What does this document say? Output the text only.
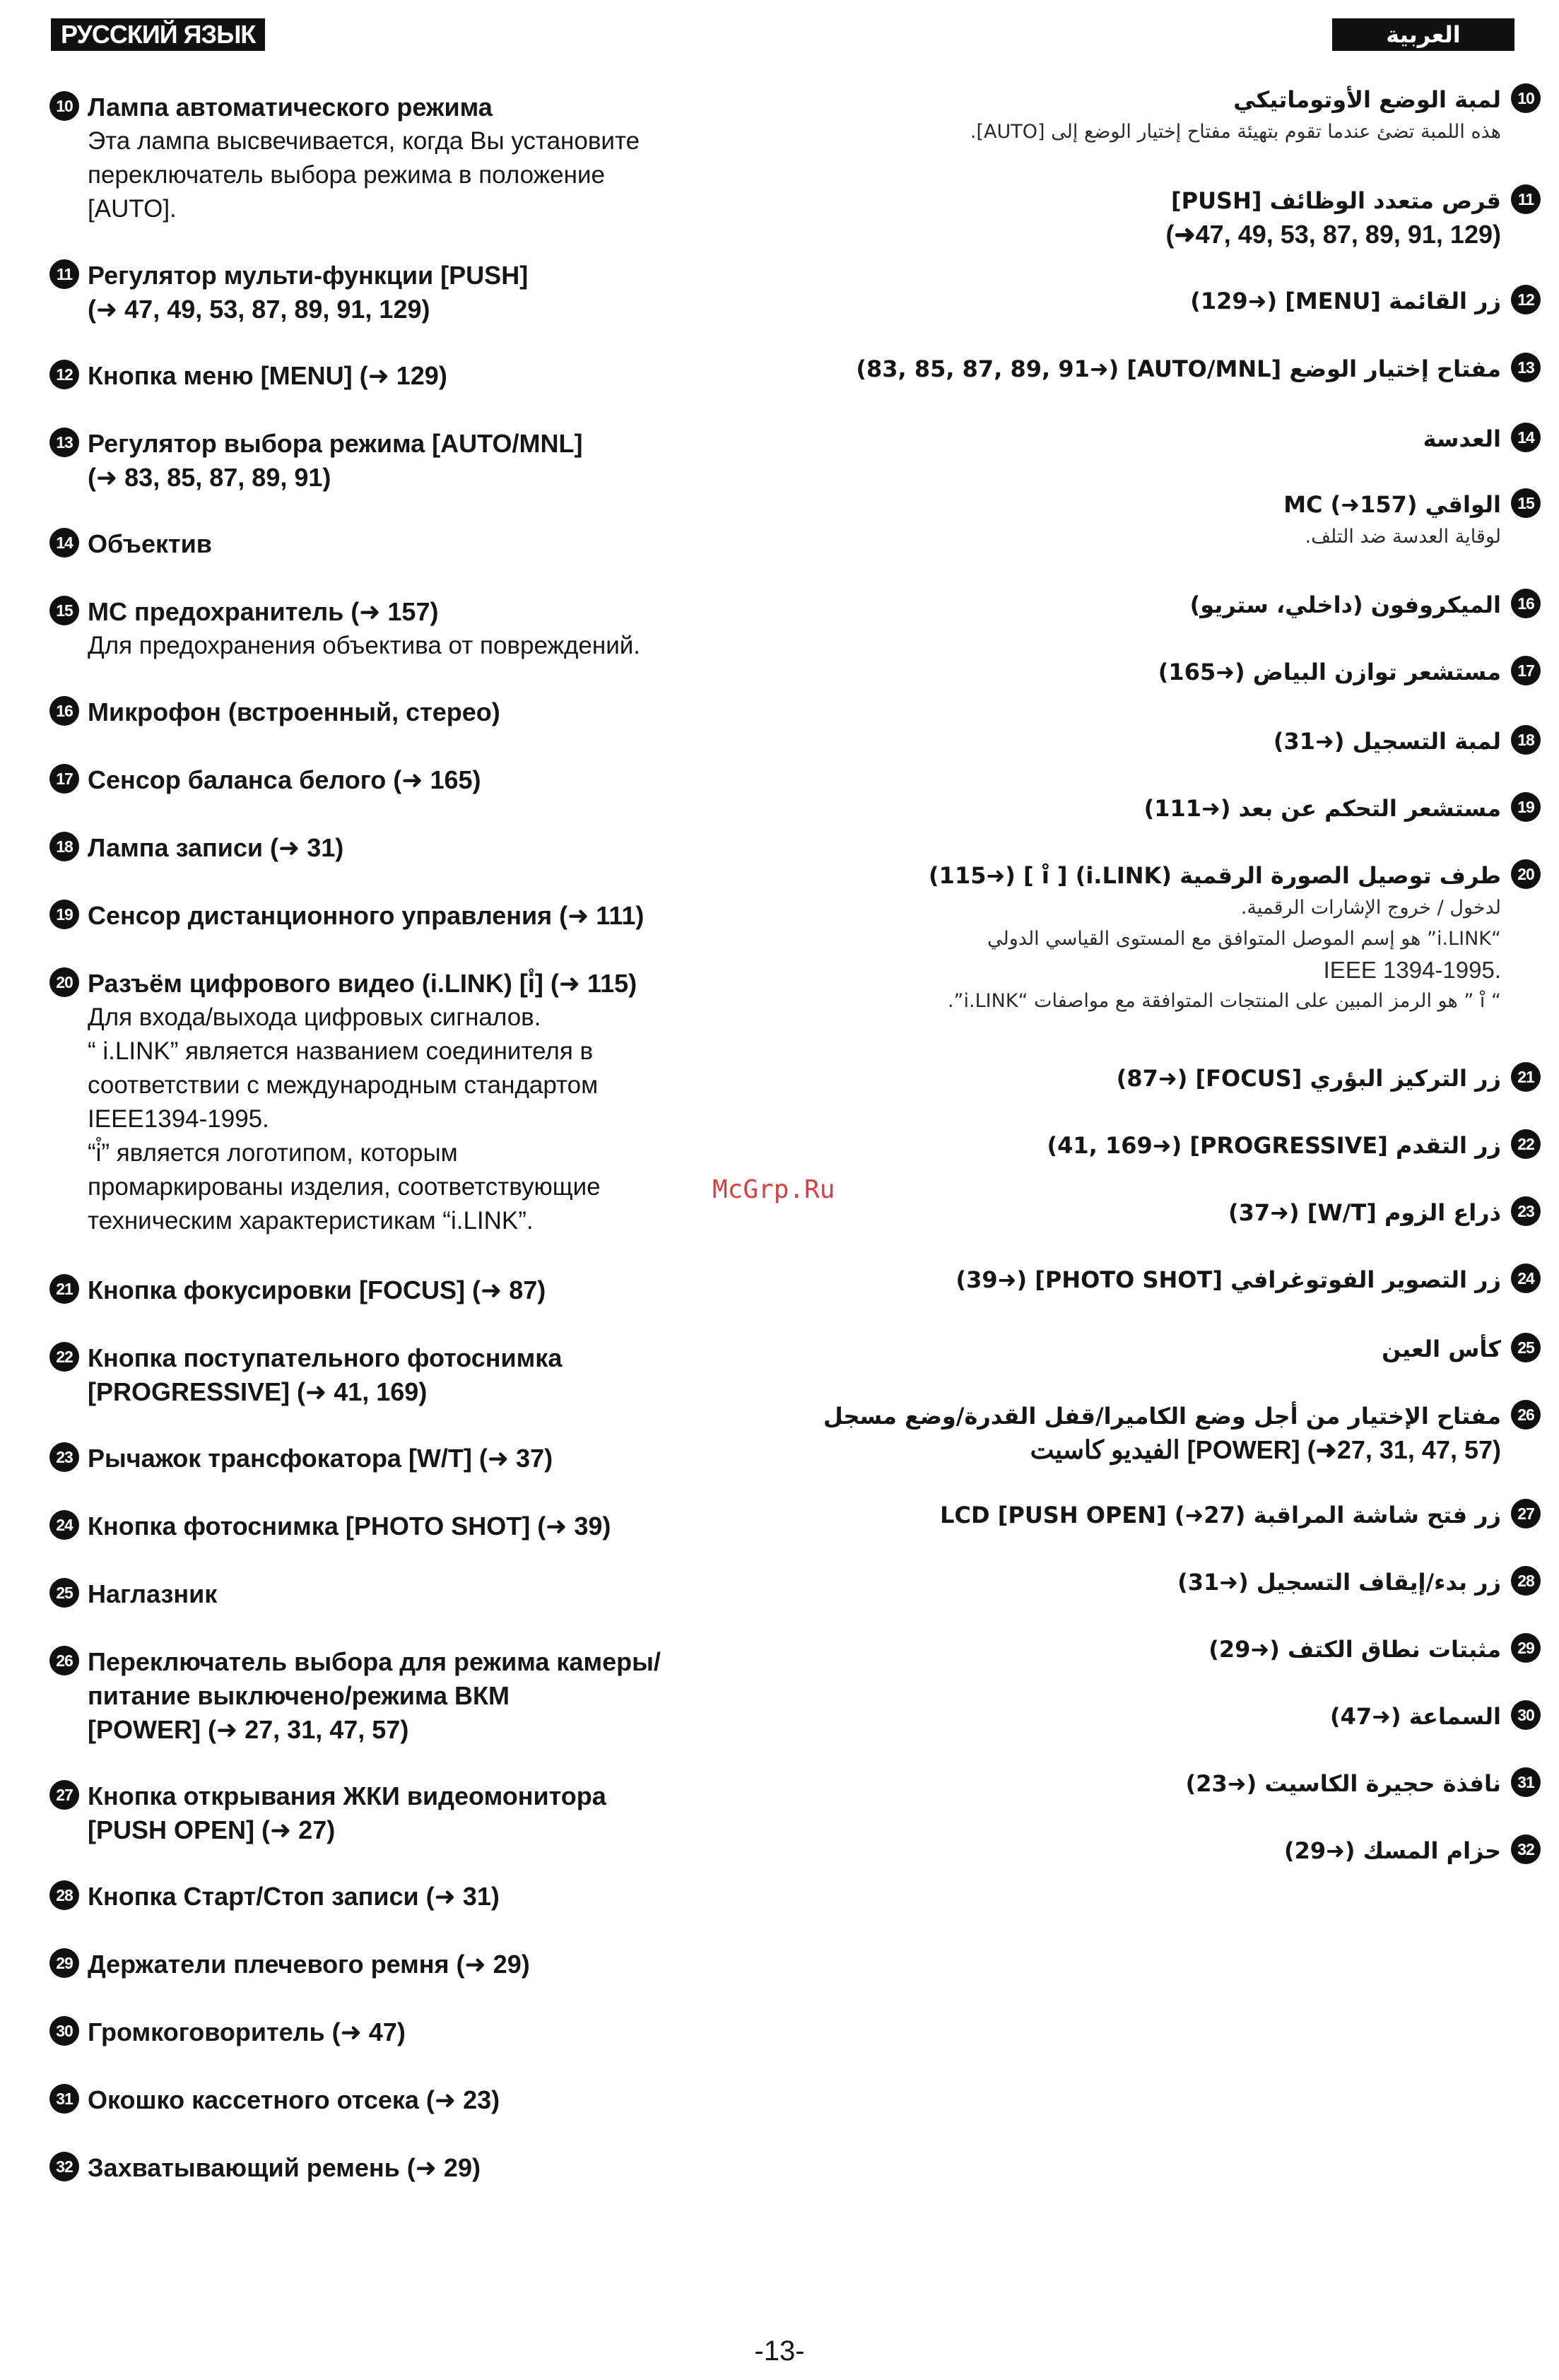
РУССКИЙ ЯЗЫК	العربية
10 Лампа автоматического режима
Эта лампа высвечивается, когда Вы установите
переключатель выбора режима в положение
[AUTO].
11 Регулятор мульти-функции [PUSH]
(➜ 47, 49, 53, 87, 89, 91, 129)
12 Кнопка меню [MENU] (➜ 129)
13 Регулятор выбора режима [AUTO/MNL]
(➜ 83, 85, 87, 89, 91)
14 Объектив
15 МС предохранитель (➜ 157)
Для предохранения объектива от повреждений.
16 Микрофон (встроенный, стерео)
17 Сенсор баланса белого (➜ 165)
18 Лампа записи (➜ 31)
19 Сенсор дистанционного управления (➜ 111)
20 Разъём цифрового видео (i.LINK) [i̊] (➜ 115)
Для входа/выхода цифровых сигналов.
“ i.LINK” является названием соединителя в
соответствии с международным стандартом
IEEE1394-1995.
“i̊” является логотипом, которым
промаркированы изделия, соответствующие
техническим характеристикам “i.LINK”.
21 Кнопка фокусировки [FOCUS] (➜ 87)
22 Кнопка поступательного фотоснимка
[PROGRESSIVE] (➜ 41, 169)
23 Рычажок трансфокатора [W/T] (➜ 37)
24 Кнопка фотоснимка [PHOTO SHOT] (➜ 39)
25 Наглазник
26 Переключатель выбора для режима камеры/
питание выключено/режима ВКМ
[POWER] (➜ 27, 31, 47, 57)
27 Кнопка открывания ЖКИ видеомонитора
[PUSH OPEN] (➜ 27)
28 Кнопка Старт/Стоп записи (➜ 31)
29 Держатели плечевого ремня (➜ 29)
30 Громкоговоритель (➜ 47)
31 Окошко кассетного отсека (➜ 23)
32 Захватывающий ремень (➜ 29)
10
لمبة الوضع الأوتوماتيكي
هذه اللمبة تضئ عندما تقوم بتهيئة مفتاح إختيار الوضع إلى [AUTO].
11
قرص متعدد الوظائف [PUSH]
(➜47, 49, 53, 87, 89, 91, 129)
12
زر القائمة [MENU] (➜129)
13
مفتاح إختيار الوضع [AUTO/MNL] (➜83, 85, 87, 89, 91)
14
العدسة
15
الواقي MC (➜157)
لوقاية العدسة ضد التلف.
16
الميكروفون (داخلي، ستريو)
17
مستشعر توازن البياض (➜165)
18
لمبة التسجيل (➜31)
19
مستشعر التحكم عن بعد (➜111)
20
طرف توصيل الصورة الرقمية (i.LINK) [ i̊ ] (➜115)
لدخول / خروج الإشارات الرقمية.
“i.LINK” هو إسم الموصل المتوافق مع المستوى القياسي الدولي
IEEE 1394-1995.
“ i̊ ” هو الرمز المبين على المنتجات المتوافقة مع مواصفات “i.LINK”.
21
زر التركيز البؤري [FOCUS] (➜87)
22
زر التقدم [PROGRESSIVE] (➜41, 169)
23
ذراع الزوم [W/T] (➜37)
24
زر التصوير الفوتوغرافي [PHOTO SHOT] (➜39)
25
كأس العين
26
مفتاح الإختيار من أجل وضع الكاميرا/قفل القدرة/وضع مسجل
الفيديو كاسيت [POWER] (➜27, 31, 47, 57)
27
زر فتح شاشة المراقبة LCD [PUSH OPEN] (➜27)
28
زر بدء/إيقاف التسجيل (➜31)
29
مثبتات نطاق الكتف (➜29)
30
السماعة (➜47)
31
نافذة حجيرة الكاسيت (➜23)
32
حزام المسك (➜29)
McGrp.Ru
-13-
